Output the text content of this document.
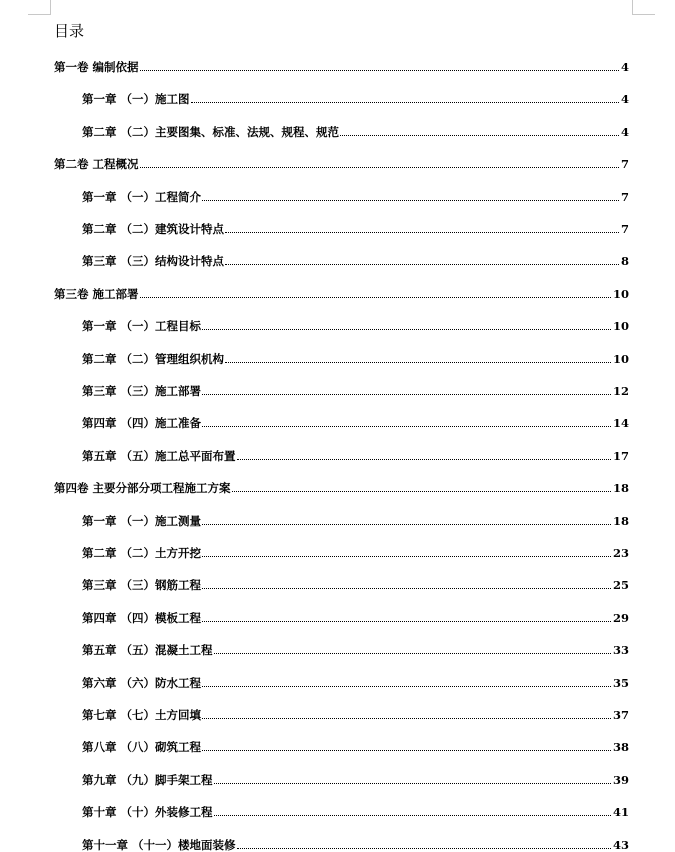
目录
第一卷 编制依据	4
第一章 （一）施工图	4
第二章 （二）主要图集、标准、法规、规程、规范	4
第二卷 工程概况	7
第一章 （一）工程简介	7
第二章 （二）建筑设计特点	7
第三章 （三）结构设计特点	8
第三卷 施工部署	10
第一章 （一）工程目标	10
第二章 （二）管理组织机构	10
第三章 （三）施工部署	12
第四章 （四）施工准备	14
第五章 （五）施工总平面布置	17
第四卷 主要分部分项工程施工方案	18
第一章 （一）施工测量	18
第二章 （二）土方开挖	23
第三章 （三）钢筋工程	25
第四章 （四）模板工程	29
第五章 （五）混凝土工程	33
第六章 （六）防水工程	35
第七章 （七）土方回填	37
第八章 （八）砌筑工程	38
第九章 （九）脚手架工程	39
第十章 （十）外装修工程	41
第十一章 （十一）楼地面装修	43
